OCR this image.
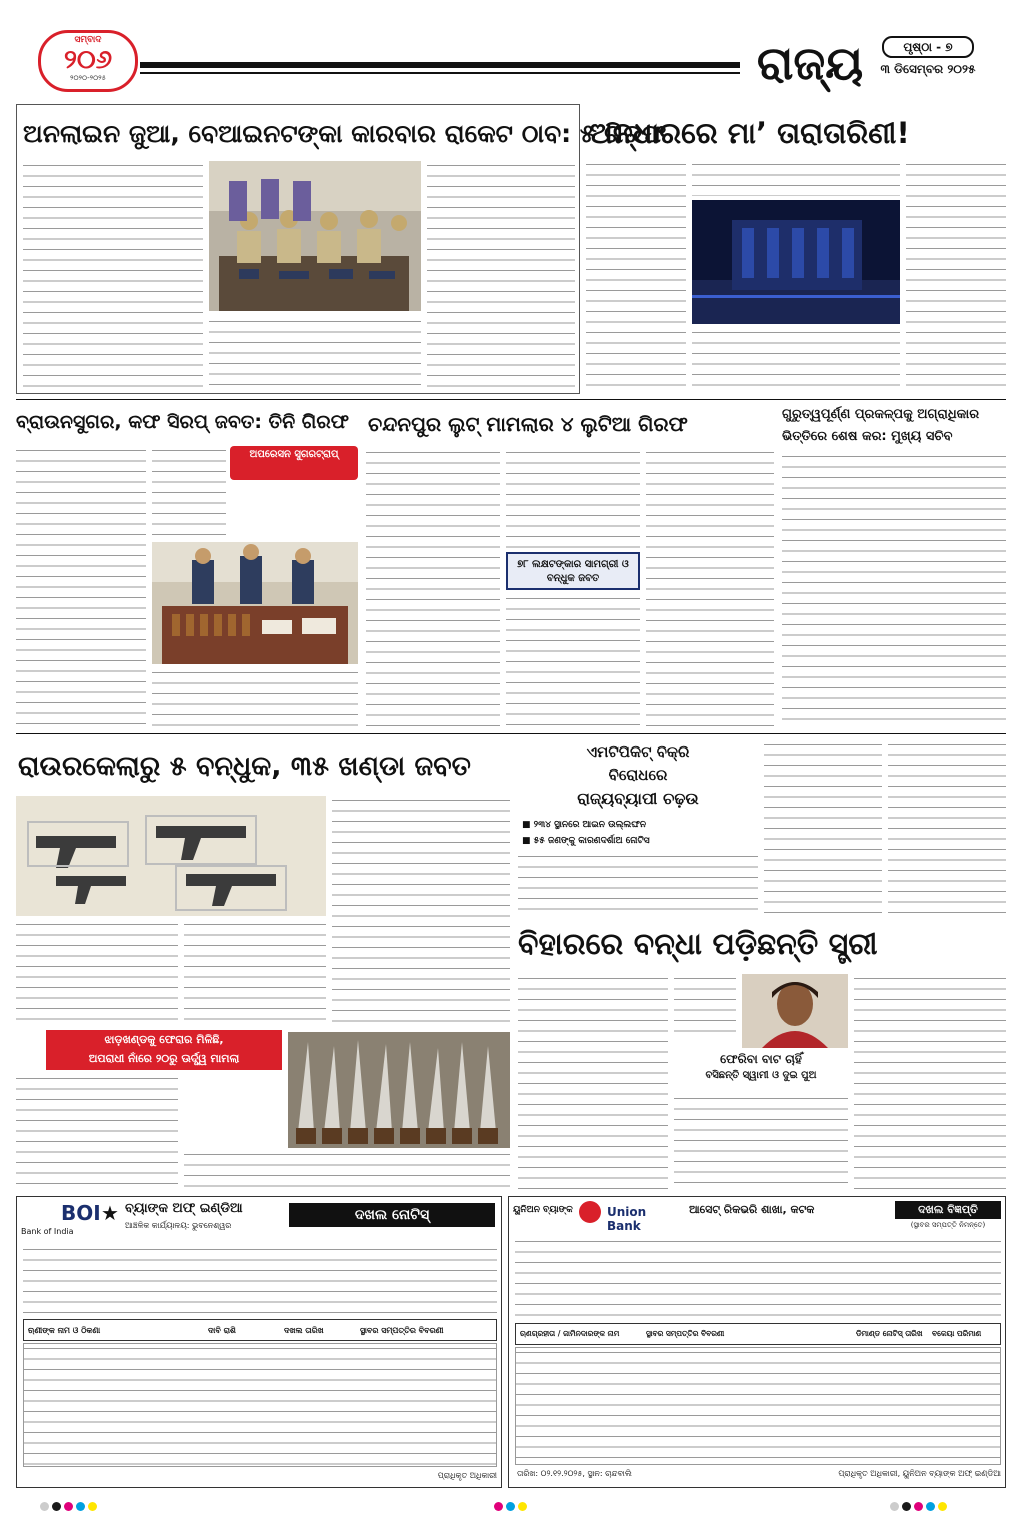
ସମ୍ବାଦ
୨୦୬
୨୦୨୦-୨୦୨୫	ରାଜ୍ୟ	ପୃଷ୍ଠା - ୭
୩ ଡିସେମ୍ବର ୨୦୨୫
ଅନଲାଇନ ଜୁଆ, ବେଆଇନଟଙ୍କା କାରବାର ରାକେଟ ଠାବ: ୫ ଗିରଫ
ଅନ୍ଧାରରେ ମା’ ତାରାତାରିଣୀ!
ବ୍ରାଉନସୁଗର, କଫ ସିରପ୍ ଜବତ: ତିନି ଗିରଫ
ଅପରେସନ ସୁଗରଟ୍ରାପ୍
ଚନ୍ଦନପୁର ଲୁଟ୍ ମାମଲାର ୪ ଲୁଟିଆ ଗିରଫ
୭୮ ଲକ୍ଷଟଙ୍କାର ସାମଗ୍ରୀ ଓ ବନ୍ଧୁକ ଜବତ
ଗୁରୁତ୍ୱପୂର୍ଣ୍ଣ ପ୍ରକଳ୍ପକୁ ଅଗ୍ରାଧିକାର
ଭିତ୍ତିରେ ଶେଷ କର: ମୁଖ୍ୟ ସଚିବ
ରାଉରକେଲାରୁ ୫ ବନ୍ଧୁକ, ୩୫ ଖଣ୍ଡା ଜବତ
ଝାଡ଼ଖଣ୍ଡକୁ ଫେରାର ମିଳିଛି,
ଅପରାଧୀ ନାଁରେ ୨୦ରୁ ଊର୍ଦ୍ଧ୍ୱ ମାମଲା
ଏମଟିପିକିଟ୍ ବିକ୍ରି
ବିରୋଧରେ
ରାଜ୍ୟବ୍ୟାପୀ ଚଢ଼ଉ
■ ୨୩୪ ସ୍ଥାନରେ ଆଇନ ଉଲ୍ଲଙ୍ଘନ
■ ୫୫ ଜଣଙ୍କୁ କାରଣଦର୍ଶାଅ ନୋଟିସ
ବିହାରରେ ବନ୍ଧା ପଡ଼ିଛନ୍ତି ସ୍ତ୍ରୀ
ଫେରିବା ବାଟ ଚାହିଁ
ବସିଛନ୍ତି ସ୍ୱାମୀ ଓ ଦୁଇ ପୁଅ
BOI ★
Bank of India
ବ୍ୟାଙ୍କ ଅଫ୍ ଇଣ୍ଡିଆ
ଆଞ୍ଚଳିକ କାର୍ଯ୍ୟାଳୟ: ଭୁବନେଶ୍ୱର
ଦଖଲ ନୋଟିସ୍
ଋଣୀଙ୍କ ନାମ ଓ ଠିକଣା	ଦାବି ରାଶି	ଦଖଲ ତାରିଖ	ସ୍ଥାବର ସମ୍ପତ୍ତିର ବିବରଣୀ
ପ୍ରାଧିକୃତ ଅଧିକାରୀ
ୟୁନିଅନ ବ୍ୟାଙ୍କ	Union Bank
ଆସେଟ୍ ରିକଭରି ଶାଖା, କଟକ	ଦଖଲ ବିଜ୍ଞପ୍ତି
(ସ୍ଥାବର ସମ୍ପତ୍ତି ନିମନ୍ତେ)
ଋଣଗ୍ରହୀତା / ଜାମିନଦାରଙ୍କ ନାମ	ସ୍ଥାବର ସମ୍ପତ୍ତିର ବିବରଣୀ	ଡିମାଣ୍ଡ ନୋଟିସ୍ ତାରିଖ	ବକେୟା ପରିମାଣ
ତାରିଖ: ୦୨.୧୨.୨୦୨୫, ସ୍ଥାନ: ଚାନ୍ଦବାଲି	ପ୍ରାଧିକୃତ ଅଧିକାରୀ, ୟୁନିଅନ ବ୍ୟାଙ୍କ ଅଫ୍ ଇଣ୍ଡିଆ
